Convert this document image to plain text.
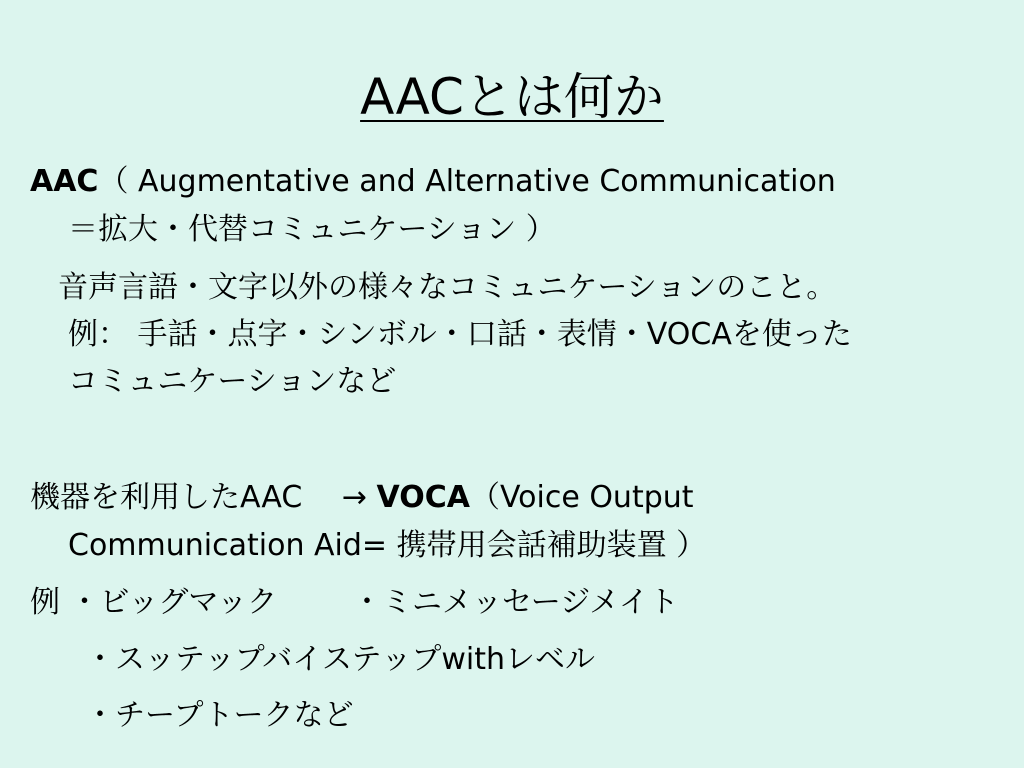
AACとは何か
AAC（ Augmentative and Alternative Communication
＝拡大・代替コミュニケーション ）
音声言語・文字以外の様々なコミュニケーションのこと。
例： 手話・点字・シンボル・口話・表情・VOCAを使った
コミュニケーションなど
機器を利用したAAC　 → VOCA（Voice Output
Communication Aid= 携帯用会話補助装置 ）
例 ・ビッグマック ・ミニメッセージメイト
・スッテップバイステップwithレベル
・チープトークなど
